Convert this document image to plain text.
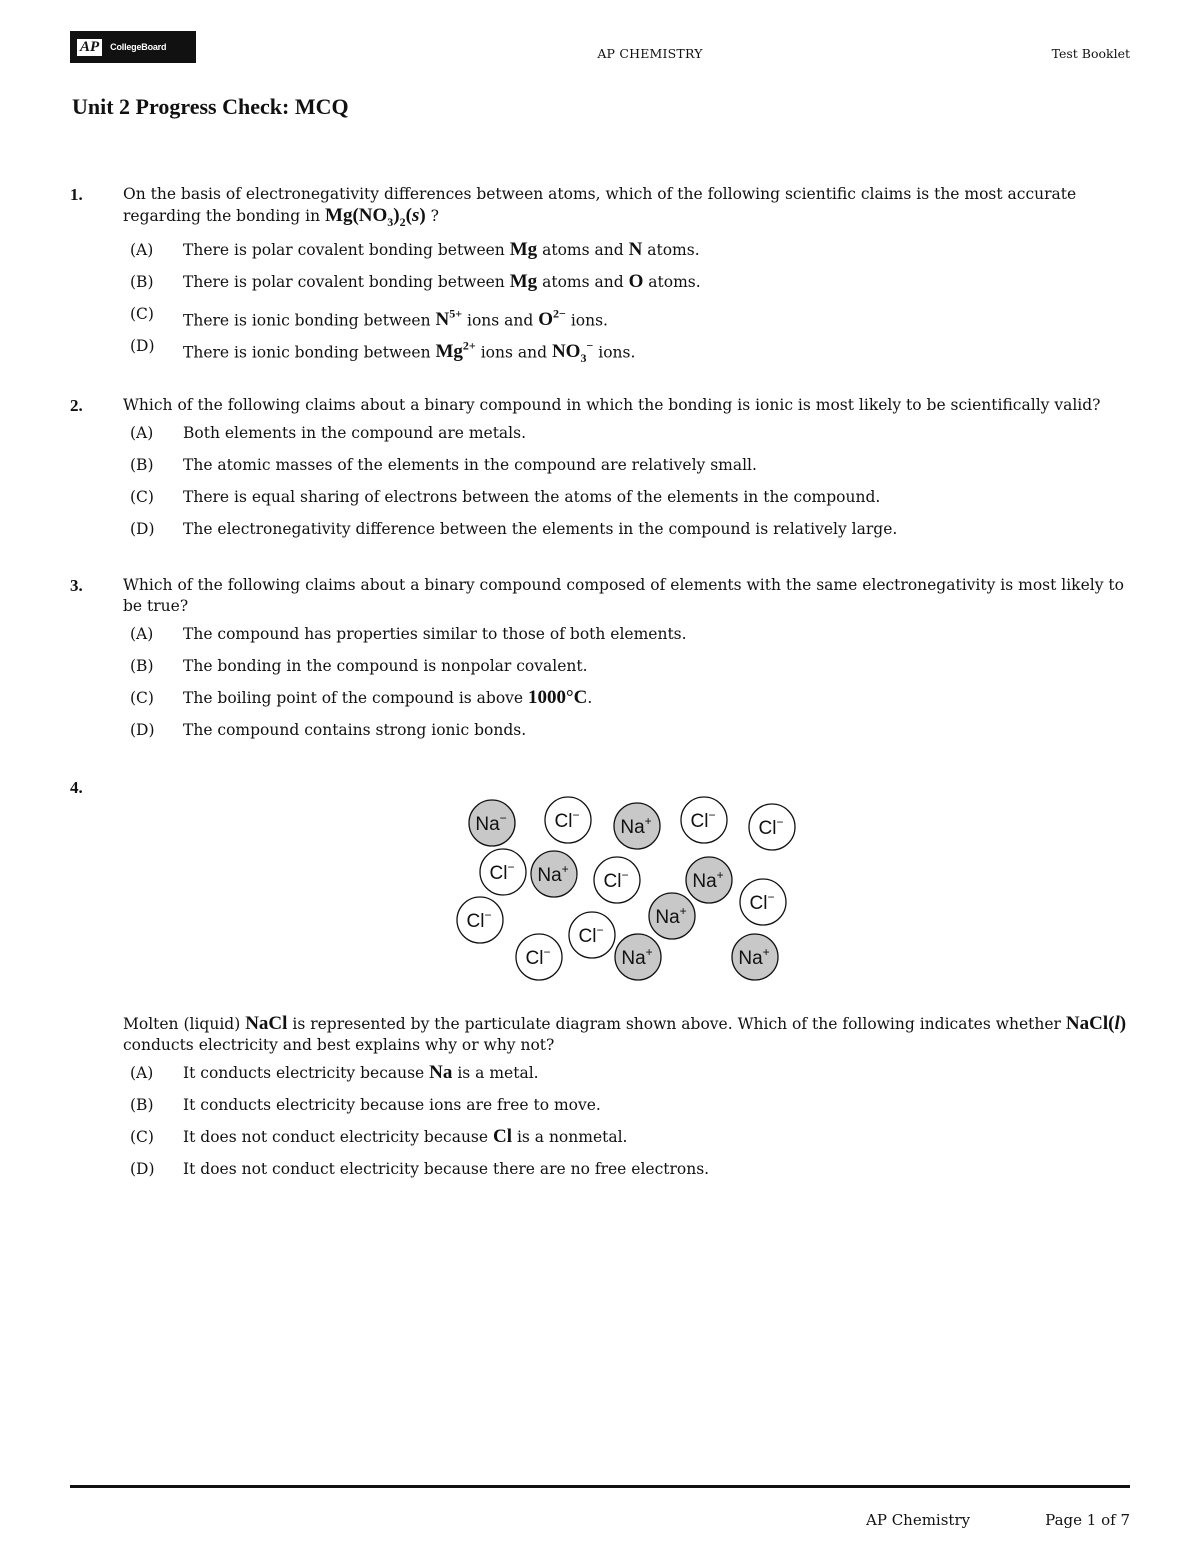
AP	CollegeBoard	AP CHEMISTRY	Test Booklet
Unit 2 Progress Check: MCQ
1.	On the basis of electronegativity differences between atoms, which of the following scientific claims is the most accurate regarding the bonding in $Mg(NO_3)_2(s)$ ?
(A) There is polar covalent bonding between Mg atoms and N atoms.
(B) There is polar covalent bonding between Mg atoms and O atoms.
(C) There is ionic bonding between $N^{5+}$ ions and $O^{2-}$ ions.
(D) There is ionic bonding between $Mg^{2+}$ ions and $NO_3^-$ ions.
2.	Which of the following claims about a binary compound in which the bonding is ionic is most likely to be scientifically valid?
(A) Both elements in the compound are metals.
(B) The atomic masses of the elements in the compound are relatively small.
(C) There is equal sharing of electrons between the atoms of the elements in the compound.
(D) The electronegativity difference between the elements in the compound is relatively large.
3.	Which of the following claims about a binary compound composed of elements with the same electronegativity is most likely to be true?
(A) The compound has properties similar to those of both elements.
(B) The bonding in the compound is nonpolar covalent.
(C) The boiling point of the compound is above 1000°C.
(D) The compound contains strong ionic bonds.
4.
Na−	Cl−
Na+ Cl−
Cl−
Cl− Na+
Cl−	Na+
Cl−	Na+	Cl−
Cl−
Cl−	Na+	Na+
Molten (liquid) NaCl is represented by the particulate diagram shown above. Which of the following indicates whether NaCl(l) conducts electricity and best explains why or why not?
(A) It conducts electricity because Na is a metal.
(B) It conducts electricity because ions are free to move.
(C) It does not conduct electricity because Cl is a nonmetal.
(D) It does not conduct electricity because there are no free electrons.
AP Chemistry	Page 1 of 7
